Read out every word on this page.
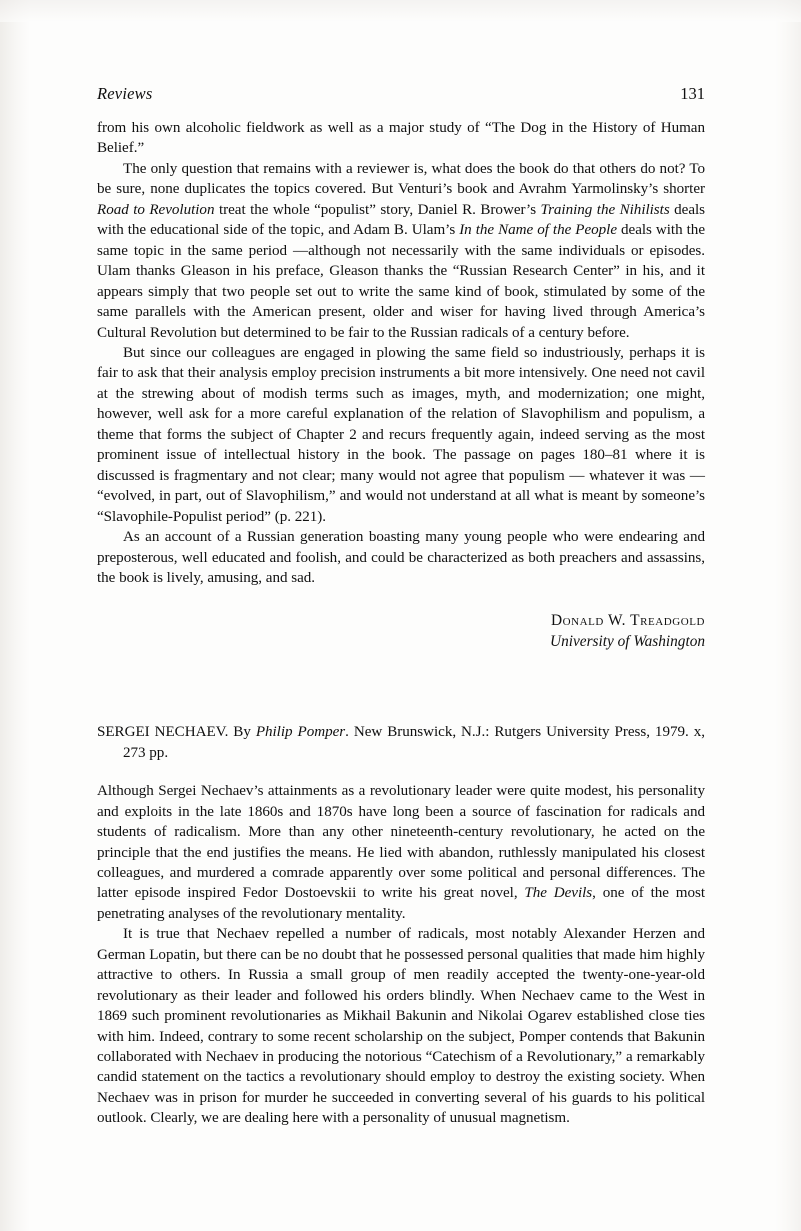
Reviews	131

from his own alcoholic fieldwork as well as a major study of “The Dog in the History of Human Belief.”

The only question that remains with a reviewer is, what does the book do that others do not? To be sure, none duplicates the topics covered. But Venturi’s book and Avrahm Yarmolinsky’s shorter Road to Revolution treat the whole “populist” story, Daniel R. Brower’s Training the Nihilists deals with the educational side of the topic, and Adam B. Ulam’s In the Name of the People deals with the same topic in the same period —although not necessarily with the same individuals or episodes. Ulam thanks Gleason in his preface, Gleason thanks the “Russian Research Center” in his, and it appears simply that two people set out to write the same kind of book, stimulated by some of the same parallels with the American present, older and wiser for having lived through America’s Cultural Revolution but determined to be fair to the Russian radicals of a century before.

But since our colleagues are engaged in plowing the same field so industriously, perhaps it is fair to ask that their analysis employ precision instruments a bit more intensively. One need not cavil at the strewing about of modish terms such as images, myth, and modernization; one might, however, well ask for a more careful explanation of the relation of Slavophilism and populism, a theme that forms the subject of Chapter 2 and recurs frequently again, indeed serving as the most prominent issue of intellectual history in the book. The passage on pages 180–81 where it is discussed is fragmentary and not clear; many would not agree that populism — whatever it was — “evolved, in part, out of Slavophilism,” and would not understand at all what is meant by someone’s “Slavophile-Populist period” (p. 221).

As an account of a Russian generation boasting many young people who were endearing and preposterous, well educated and foolish, and could be characterized as both preachers and assassins, the book is lively, amusing, and sad.

Donald W. Treadgold
University of Washington

SERGEI NECHAEV. By Philip Pomper. New Brunswick, N.J.: Rutgers University Press, 1979. x, 273 pp.

Although Sergei Nechaev’s attainments as a revolutionary leader were quite modest, his personality and exploits in the late 1860s and 1870s have long been a source of fascination for radicals and students of radicalism. More than any other nineteenth-century revolutionary, he acted on the principle that the end justifies the means. He lied with abandon, ruthlessly manipulated his closest colleagues, and murdered a comrade apparently over some political and personal differences. The latter episode inspired Fedor Dostoevskii to write his great novel, The Devils, one of the most penetrating analyses of the revolutionary mentality.

It is true that Nechaev repelled a number of radicals, most notably Alexander Herzen and German Lopatin, but there can be no doubt that he possessed personal qualities that made him highly attractive to others. In Russia a small group of men readily accepted the twenty-one-year-old revolutionary as their leader and followed his orders blindly. When Nechaev came to the West in 1869 such prominent revolutionaries as Mikhail Bakunin and Nikolai Ogarev established close ties with him. Indeed, contrary to some recent scholarship on the subject, Pomper contends that Bakunin collaborated with Nechaev in producing the notorious “Catechism of a Revolutionary,” a remarkably candid statement on the tactics a revolutionary should employ to destroy the existing society. When Nechaev was in prison for murder he succeeded in converting several of his guards to his political outlook. Clearly, we are dealing here with a personality of unusual magnetism.
